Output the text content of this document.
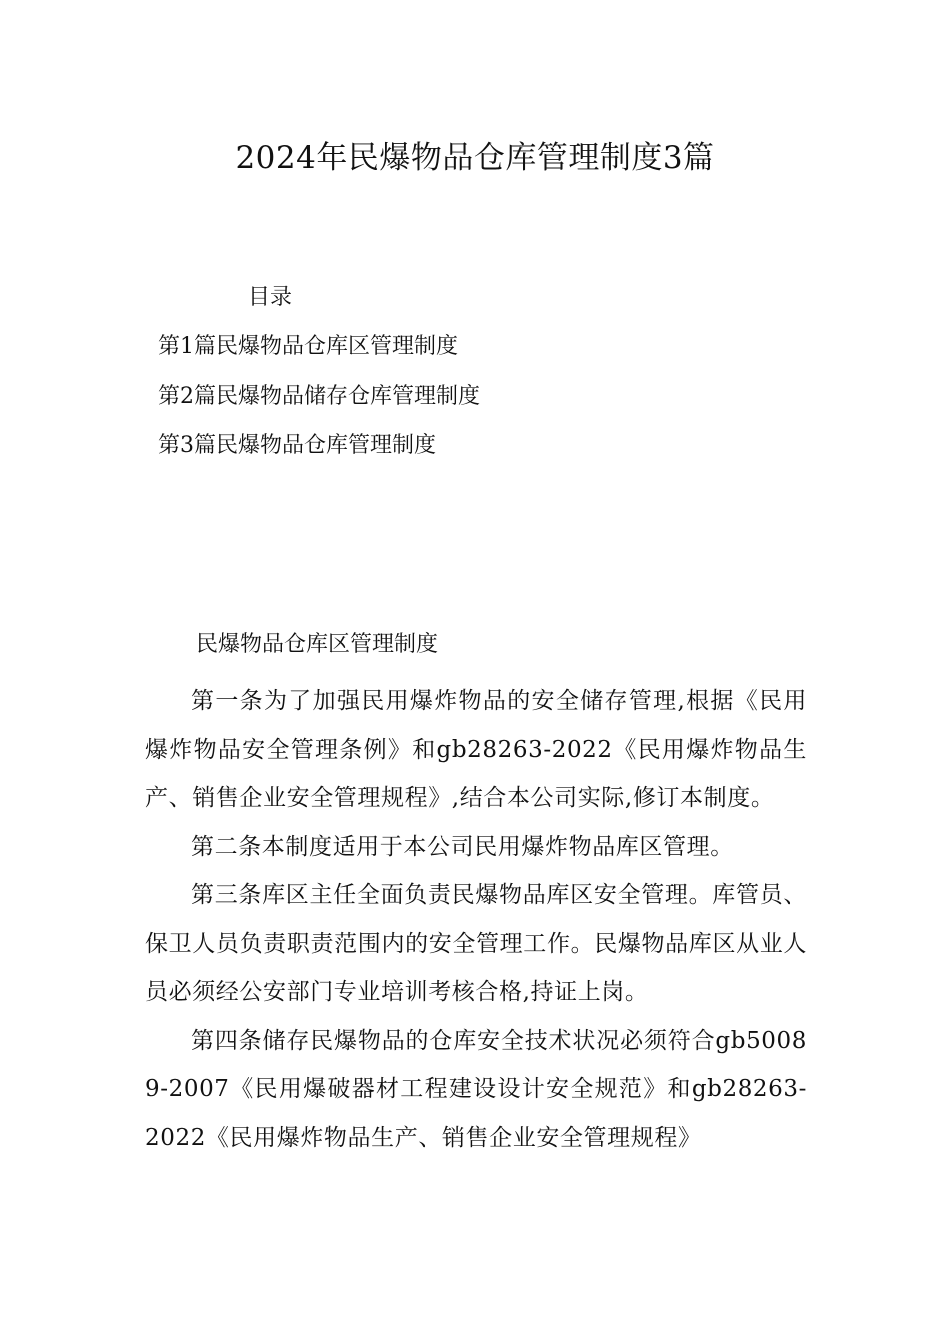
2024年民爆物品仓库管理制度3篇
目录
第1篇民爆物品仓库区管理制度
第2篇民爆物品储存仓库管理制度
第3篇民爆物品仓库管理制度
民爆物品仓库区管理制度

第一条为了加强民用爆炸物品的安全储存管理,根据《民用爆炸物品安全管理条例》和gb28263-2022《民用爆炸物品生产、销售企业安全管理规程》,结合本公司实际,修订本制度。

第二条本制度适用于本公司民用爆炸物品库区管理。

第三条库区主任全面负责民爆物品库区安全管理。库管员、保卫人员负责职责范围内的安全管理工作。民爆物品库区从业人员必须经公安部门专业培训考核合格,持证上岗。

第四条储存民爆物品的仓库安全技术状况必须符合gb50089-2007《民用爆破器材工程建设设计安全规范》和gb28263-2022《民用爆炸物品生产、销售企业安全管理规程》
